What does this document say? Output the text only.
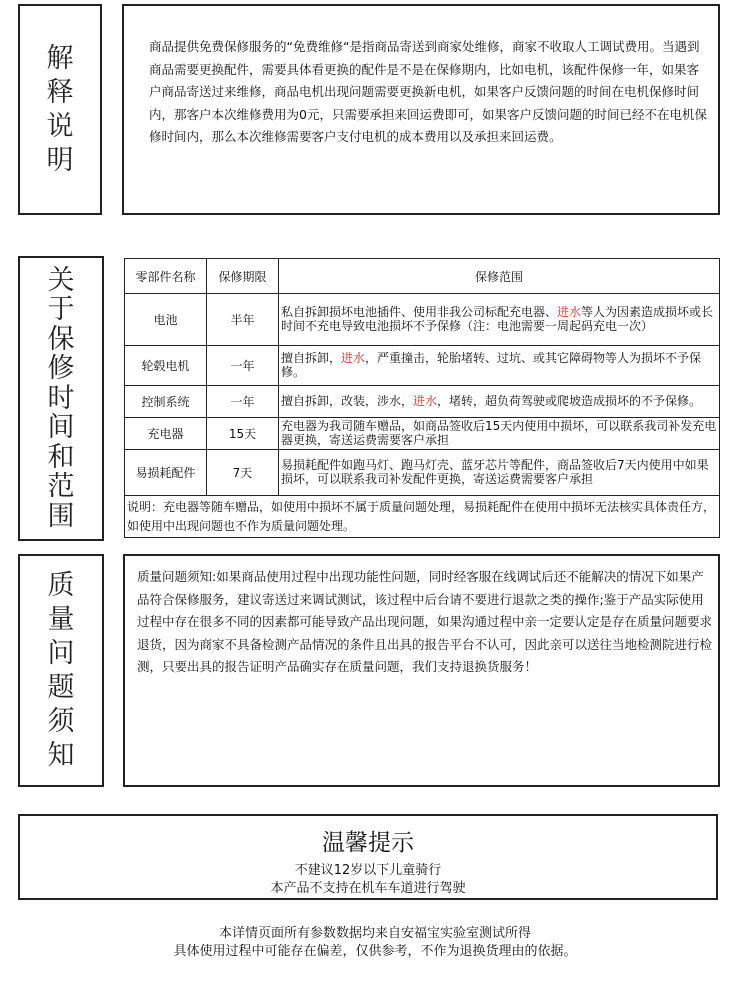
解
释
说
明
商品提供免费保修服务的“免费维修“是指商品寄送到商家处维修，商家不收取人工调试费用。当遇到商品需要更换配件，需要具体看更换的配件是不是在保修期内，比如电机，该配件保修一年，如果客户商品寄送过来维修，商品电机出现问题需要更换新电机，如果客户反馈问题的时间在电机保修时间内，那客户本次维修费用为0元，只需要承担来回运费即可，如果客户反馈问题的时间已经不在电机保修时间内，那么本次维修需要客户支付电机的成本费用以及承担来回运费。
关
于
保
修
时
间
和
范
围
零部件名称	保修期限	保修范围
电池	半年	私自拆卸损坏电池插件、使用非我公司标配充电器、进水等人为因素造成损坏或长时间不充电导致电池损坏不予保修（注：电池需要一周起码充电一次）
轮毂电机	一年	擅自拆卸，进水，严重撞击，轮胎堵转、过坑、或其它障碍物等人为损坏不予保修。
控制系统	一年	擅自拆卸，改装，涉水，进水，堵转，超负荷驾驶或爬坡造成损坏的不予保修。
充电器	15天	充电器为我司随车赠品，如商品签收后15天内使用中损坏，可以联系我司补发充电器更换，寄送运费需要客户承担
易损耗配件	7天	易损耗配件如跑马灯、跑马灯壳、蓝牙芯片等配件，商品签收后7天内使用中如果损坏，可以联系我司补发配件更换，寄送运费需要客户承担
说明：充电器等随车赠品，如使用中损坏不属于质量问题处理，易损耗配件在使用中损坏无法核实具体责任方，如使用中出现问题也不作为质量问题处理。		
质
量
问
题
须
知
质量问题须知:如果商品使用过程中出现功能性问题，同时经客服在线调试后还不能解决的情况下如果产品符合保修服务，建议寄送过来调试测试，该过程中后台请不要进行退款之类的操作;鉴于产品实际使用过程中存在很多不同的因素都可能导致产品出现问题，如果沟通过程中亲一定要认定是存在质量问题要求退货，因为商家不具备检测产品情况的条件且出具的报告平台不认可，因此亲可以送往当地检测院进行检测，只要出具的报告证明产品确实存在质量问题，我们支持退换货服务！
温馨提示
不建议12岁以下儿童骑行
本产品不支持在机车车道进行驾驶
本详情页面所有参数数据均来自安福宝实验室测试所得
具体使用过程中可能存在偏差，仅供参考，不作为退换货理由的依据。
